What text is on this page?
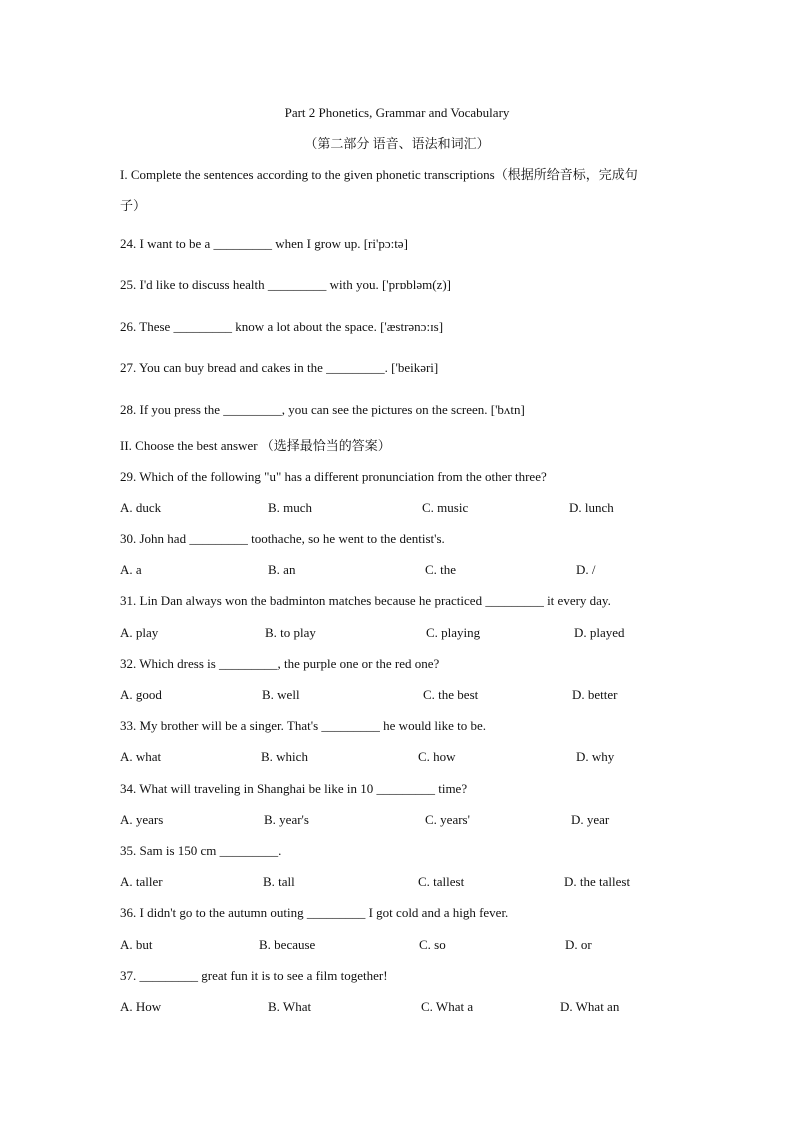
Part 2 Phonetics, Grammar and Vocabulary
（第二部分 语音、语法和词汇）
I. Complete the sentences according to the given phonetic transcriptions（根据所给音标，完成句
子）
24. I want to be a _________ when I grow up. [ri'pɔ:tə]
25. I'd like to discuss health _________ with you. ['prɒbləm(z)]
26. These _________ know a lot about the space. ['æstrənɔ:ɪs]
27. You can buy bread and cakes in the _________. ['beikəri]
28. If you press the _________, you can see the pictures on the screen. ['bʌtn]
II. Choose the best answer （选择最恰当的答案）
29. Which of the following "u" has a different pronunciation from the other three?
A. duck	B. much	C. music	D. lunch
30. John had _________ toothache, so he went to the dentist's.
A. a	B. an	C. the	D. /
31. Lin Dan always won the badminton matches because he practiced _________ it every day.
A. play	B. to play	C. playing	D. played
32. Which dress is _________, the purple one or the red one?
A. good	B. well	C. the best	D. better
33. My brother will be a singer. That's _________ he would like to be.
A. what	B. which	C. how	D. why
34. What will traveling in Shanghai be like in 10 _________ time?
A. years	B. year's	C. years'	D. year
35. Sam is 150 cm _________.
A. taller	B. tall	C. tallest	D. the tallest
36. I didn't go to the autumn outing _________ I got cold and a high fever.
A. but	B. because	C. so	D. or
37. _________ great fun it is to see a film together!
A. How	B. What	C. What a	D. What an
